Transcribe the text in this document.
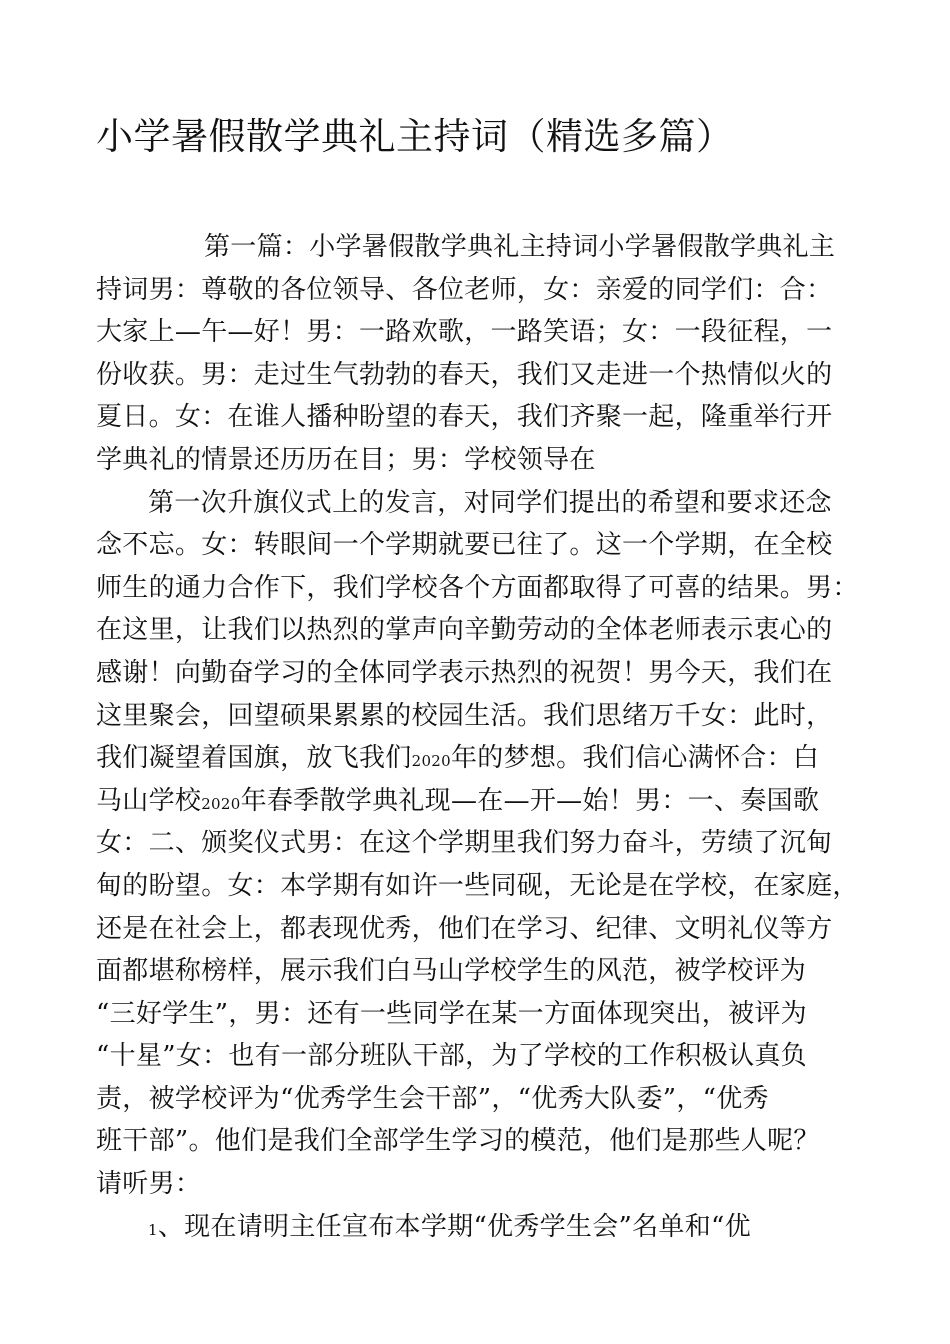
小学暑假散学典礼主持词（精选多篇）
第一篇：小学暑假散学典礼主持词小学暑假散学典礼主
持词男：尊敬的各位领导、各位老师，女：亲爱的同学们：合：
大家上—午—好！男：一路欢歌，一路笑语；女：一段征程，一
份收获。男：走过生气勃勃的春天，我们又走进一个热情似火的
夏日。女：在谁人播种盼望的春天，我们齐聚一起，隆重举行开
学典礼的情景还历历在目；男：学校领导在
第一次升旗仪式上的发言，对同学们提出的希望和要求还念
念不忘。女：转眼间一个学期就要已往了。这一个学期，在全校
师生的通力合作下，我们学校各个方面都取得了可喜的结果。男：
在这里，让我们以热烈的掌声向辛勤劳动的全体老师表示衷心的
感谢！向勤奋学习的全体同学表示热烈的祝贺！男今天，我们在
这里聚会，回望硕果累累的校园生活。我们思绪万千女：此时，
我们凝望着国旗，放飞我们2020年的梦想。我们信心满怀合：白
马山学校2020年春季散学典礼现—在—开—始！男：一、奏国歌
女：二、颁奖仪式男：在这个学期里我们努力奋斗，劳绩了沉甸
甸的盼望。女：本学期有如许一些同砚，无论是在学校，在家庭，
还是在社会上，都表现优秀，他们在学习、纪律、文明礼仪等方
面都堪称榜样，展示我们白马山学校学生的风范，被学校评为
“三好学生”，男：还有一些同学在某一方面体现突出，被评为
“十星”女：也有一部分班队干部，为了学校的工作积极认真负
责，被学校评为“优秀学生会干部”，“优秀大队委”，“优秀
班干部”。他们是我们全部学生学习的模范，他们是那些人呢？
请听男：
1、现在请明主任宣布本学期“优秀学生会”名单和“优
